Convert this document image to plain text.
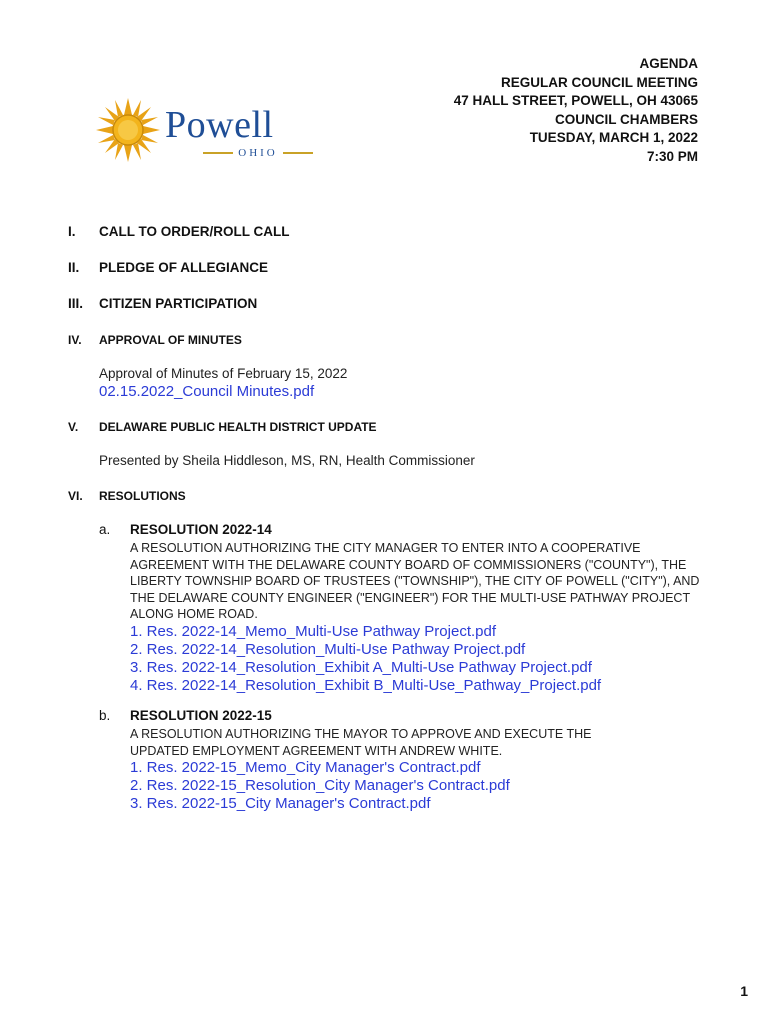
Powell
OHIO
AGENDA
REGULAR COUNCIL MEETING
47 HALL STREET, POWELL, OH 43065
COUNCIL CHAMBERS
TUESDAY, MARCH 1, 2022
7:30 PM
I. CALL TO ORDER/ROLL CALL
II. PLEDGE OF ALLEGIANCE
III. CITIZEN PARTICIPATION
IV. APPROVAL OF MINUTES
Approval of Minutes of February 15, 2022
02.15.2022_Council Minutes.pdf
V. DELAWARE PUBLIC HEALTH DISTRICT UPDATE
Presented by Sheila Hiddleson, MS, RN, Health Commissioner
VI. RESOLUTIONS
a. RESOLUTION 2022-14
A RESOLUTION AUTHORIZING THE CITY MANAGER TO ENTER INTO A COOPERATIVE AGREEMENT WITH THE DELAWARE COUNTY BOARD OF COMMISSIONERS ("COUNTY"), THE LIBERTY TOWNSHIP BOARD OF TRUSTEES ("TOWNSHIP"), THE CITY OF POWELL ("CITY"), AND THE DELAWARE COUNTY ENGINEER ("ENGINEER") FOR THE MULTI-USE PATHWAY PROJECT ALONG HOME ROAD.
1. Res. 2022-14_Memo_Multi-Use Pathway Project.pdf
2. Res. 2022-14_Resolution_Multi-Use Pathway Project.pdf
3. Res. 2022-14_Resolution_Exhibit A_Multi-Use Pathway Project.pdf
4. Res. 2022-14_Resolution_Exhibit B_Multi-Use_Pathway_Project.pdf
b. RESOLUTION 2022-15
A RESOLUTION AUTHORIZING THE MAYOR TO APPROVE AND EXECUTE THE UPDATED EMPLOYMENT AGREEMENT WITH ANDREW WHITE.
1. Res. 2022-15_Memo_City Manager's Contract.pdf
2. Res. 2022-15_Resolution_City Manager's Contract.pdf
3. Res. 2022-15_City Manager's Contract.pdf
1
